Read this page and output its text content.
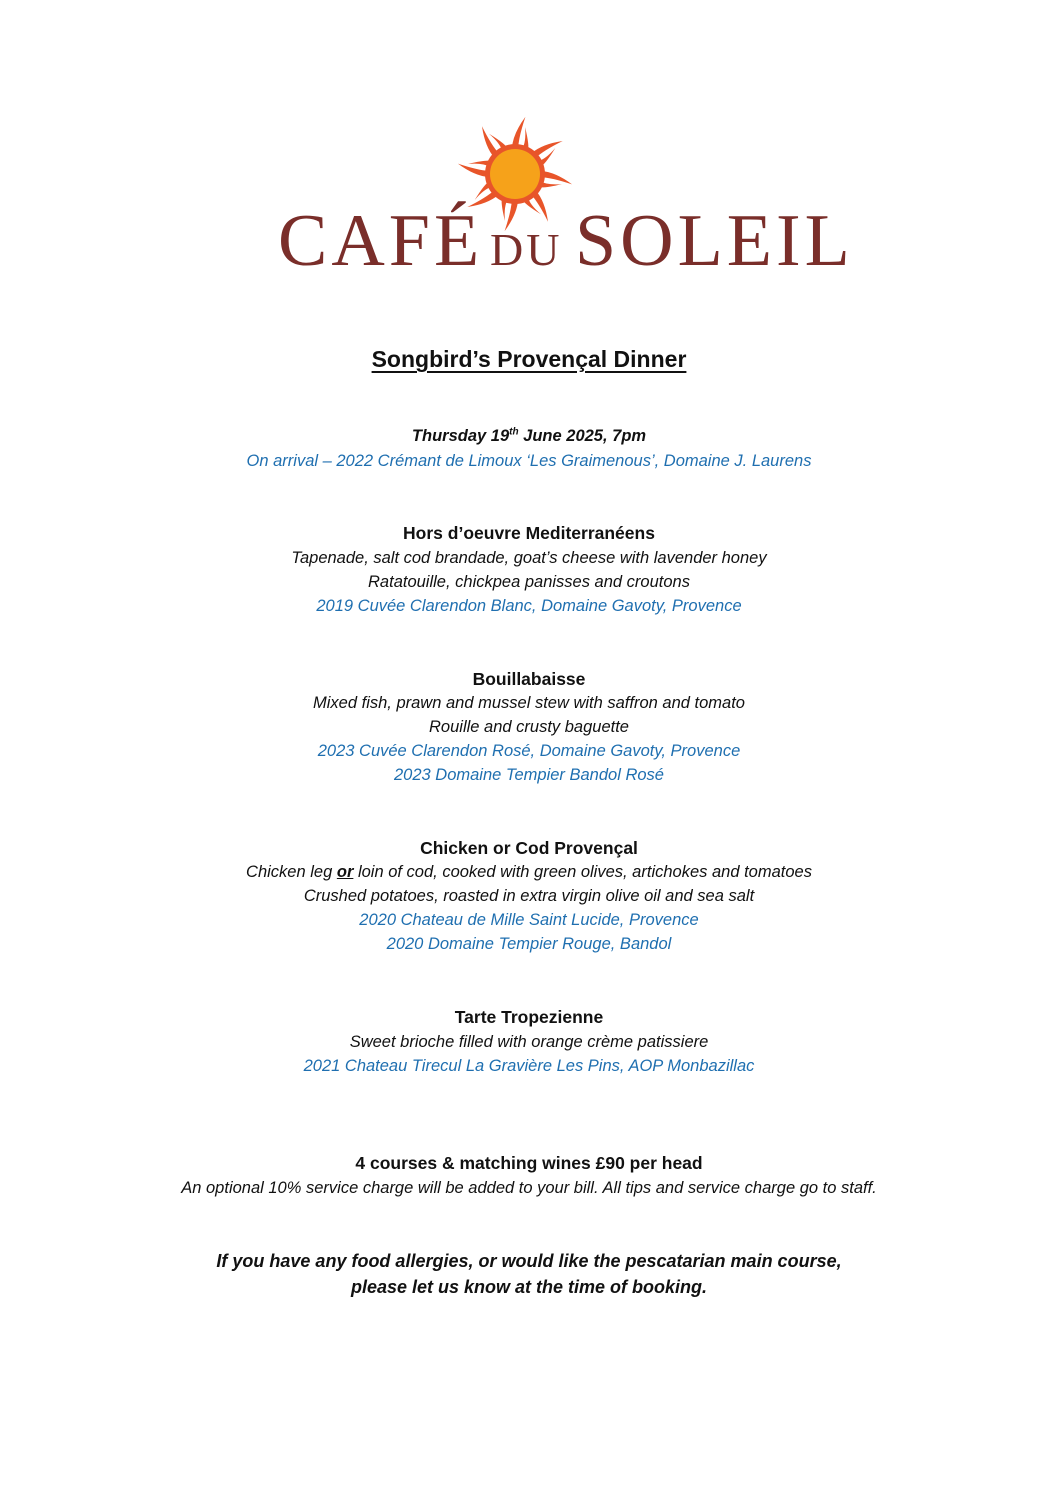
CAFÉ DU SOLEIL
Songbird’s Provençal Dinner
Thursday 19th June 2025, 7pm
On arrival – 2022 Crémant de Limoux ‘Les Graimenous’, Domaine J. Laurens
Hors d’oeuvre Mediterranéens
Tapenade, salt cod brandade, goat’s cheese with lavender honey
Ratatouille, chickpea panisses and croutons
2019 Cuvée Clarendon Blanc, Domaine Gavoty, Provence
Bouillabaisse
Mixed fish, prawn and mussel stew with saffron and tomato
Rouille and crusty baguette
2023 Cuvée Clarendon Rosé, Domaine Gavoty, Provence
2023 Domaine Tempier Bandol Rosé
Chicken or Cod Provençal
Chicken leg or loin of cod, cooked with green olives, artichokes and tomatoes
Crushed potatoes, roasted in extra virgin olive oil and sea salt
2020 Chateau de Mille Saint Lucide, Provence
2020 Domaine Tempier Rouge, Bandol
Tarte Tropezienne
Sweet brioche filled with orange crème patissiere
2021 Chateau Tirecul La Gravière Les Pins, AOP Monbazillac
4 courses & matching wines £90 per head
An optional 10% service charge will be added to your bill. All tips and service charge go to staff.
If you have any food allergies, or would like the pescatarian main course,
please let us know at the time of booking.
